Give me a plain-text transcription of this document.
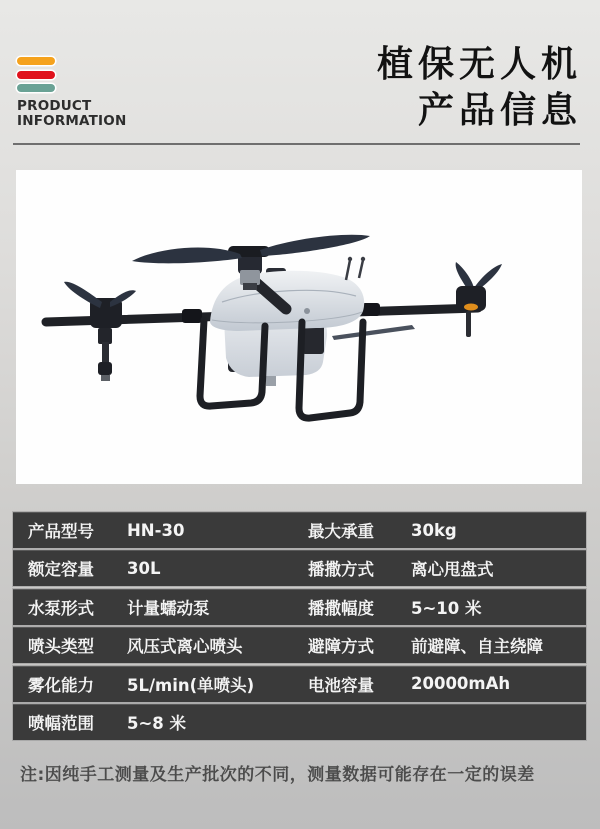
PRODUCT
INFORMATION
植保无人机
产品信息
产品型号	HN-30	最大承重	30kg
额定容量	30L	播撒方式	离心甩盘式
水泵形式	计量蠕动泵	播撒幅度	5~10 米
喷头类型	风压式离心喷头	避障方式	前避障、自主绕障
雾化能力	5L/min(单喷头)	电池容量	20000mAh
喷幅范围	5~8 米
注:因纯手工测量及生产批次的不同，测量数据可能存在一定的误差
